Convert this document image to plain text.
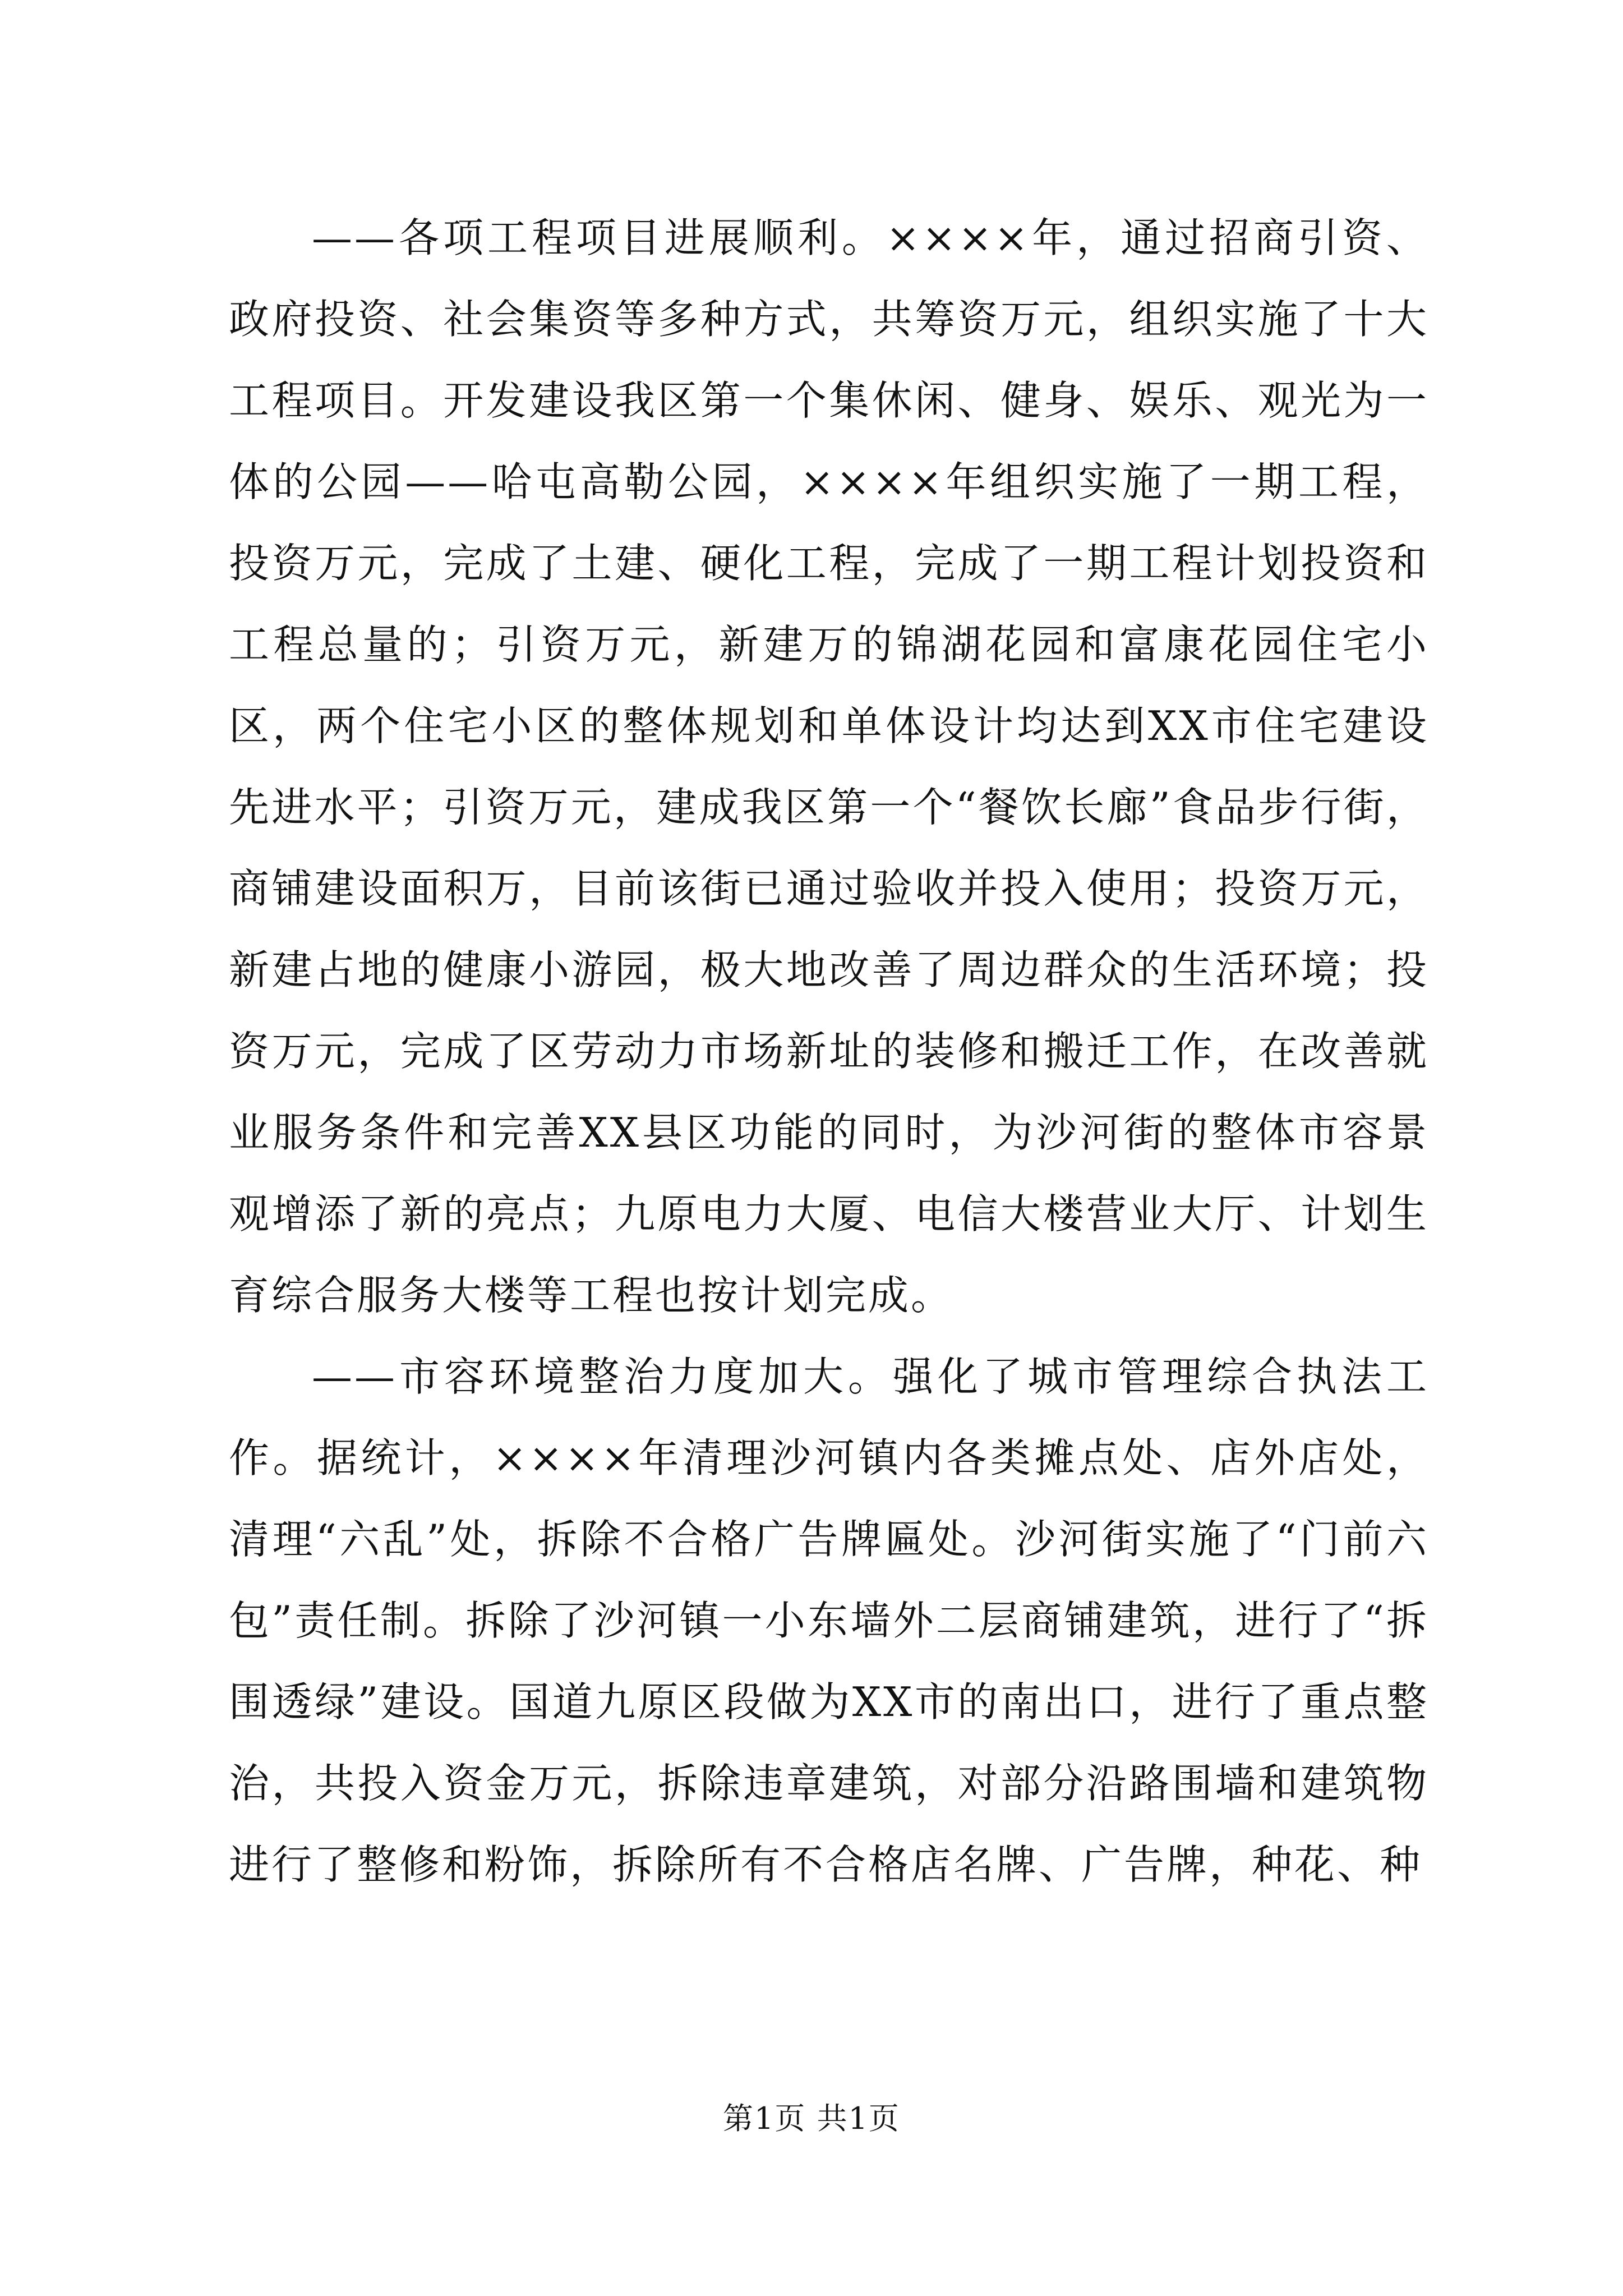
——各项工程项目进展顺利。××××年，通过招商引资、政府投资、社会集资等多种方式，共筹资万元，组织实施了十大工程项目。开发建设我区第一个集休闲、健身、娱乐、观光为一体的公园——哈屯高勒公园，××××年组织实施了一期工程，投资万元，完成了土建、硬化工程，完成了一期工程计划投资和工程总量的；引资万元，新建万的锦湖花园和富康花园住宅小区，两个住宅小区的整体规划和单体设计均达到XX市住宅建设先进水平；引资万元，建成我区第一个“餐饮长廊”食品步行街，商铺建设面积万，目前该街已通过验收并投入使用；投资万元，新建占地的健康小游园，极大地改善了周边群众的生活环境；投资万元，完成了区劳动力市场新址的装修和搬迁工作，在改善就业服务条件和完善XX县区功能的同时，为沙河街的整体市容景观增添了新的亮点；九原电力大厦、电信大楼营业大厅、计划生育综合服务大楼等工程也按计划完成。

——市容环境整治力度加大。强化了城市管理综合执法工作。据统计，××××年清理沙河镇内各类摊点处、店外店处，清理“六乱”处，拆除不合格广告牌匾处。沙河街实施了“门前六包”责任制。拆除了沙河镇一小东墙外二层商铺建筑，进行了“拆围透绿”建设。国道九原区段做为XX市的南出口，进行了重点整治，共投入资金万元，拆除违章建筑，对部分沿路围墙和建筑物进行了整修和粉饰，拆除所有不合格店名牌、广告牌，种花、种

第1页 共1页
